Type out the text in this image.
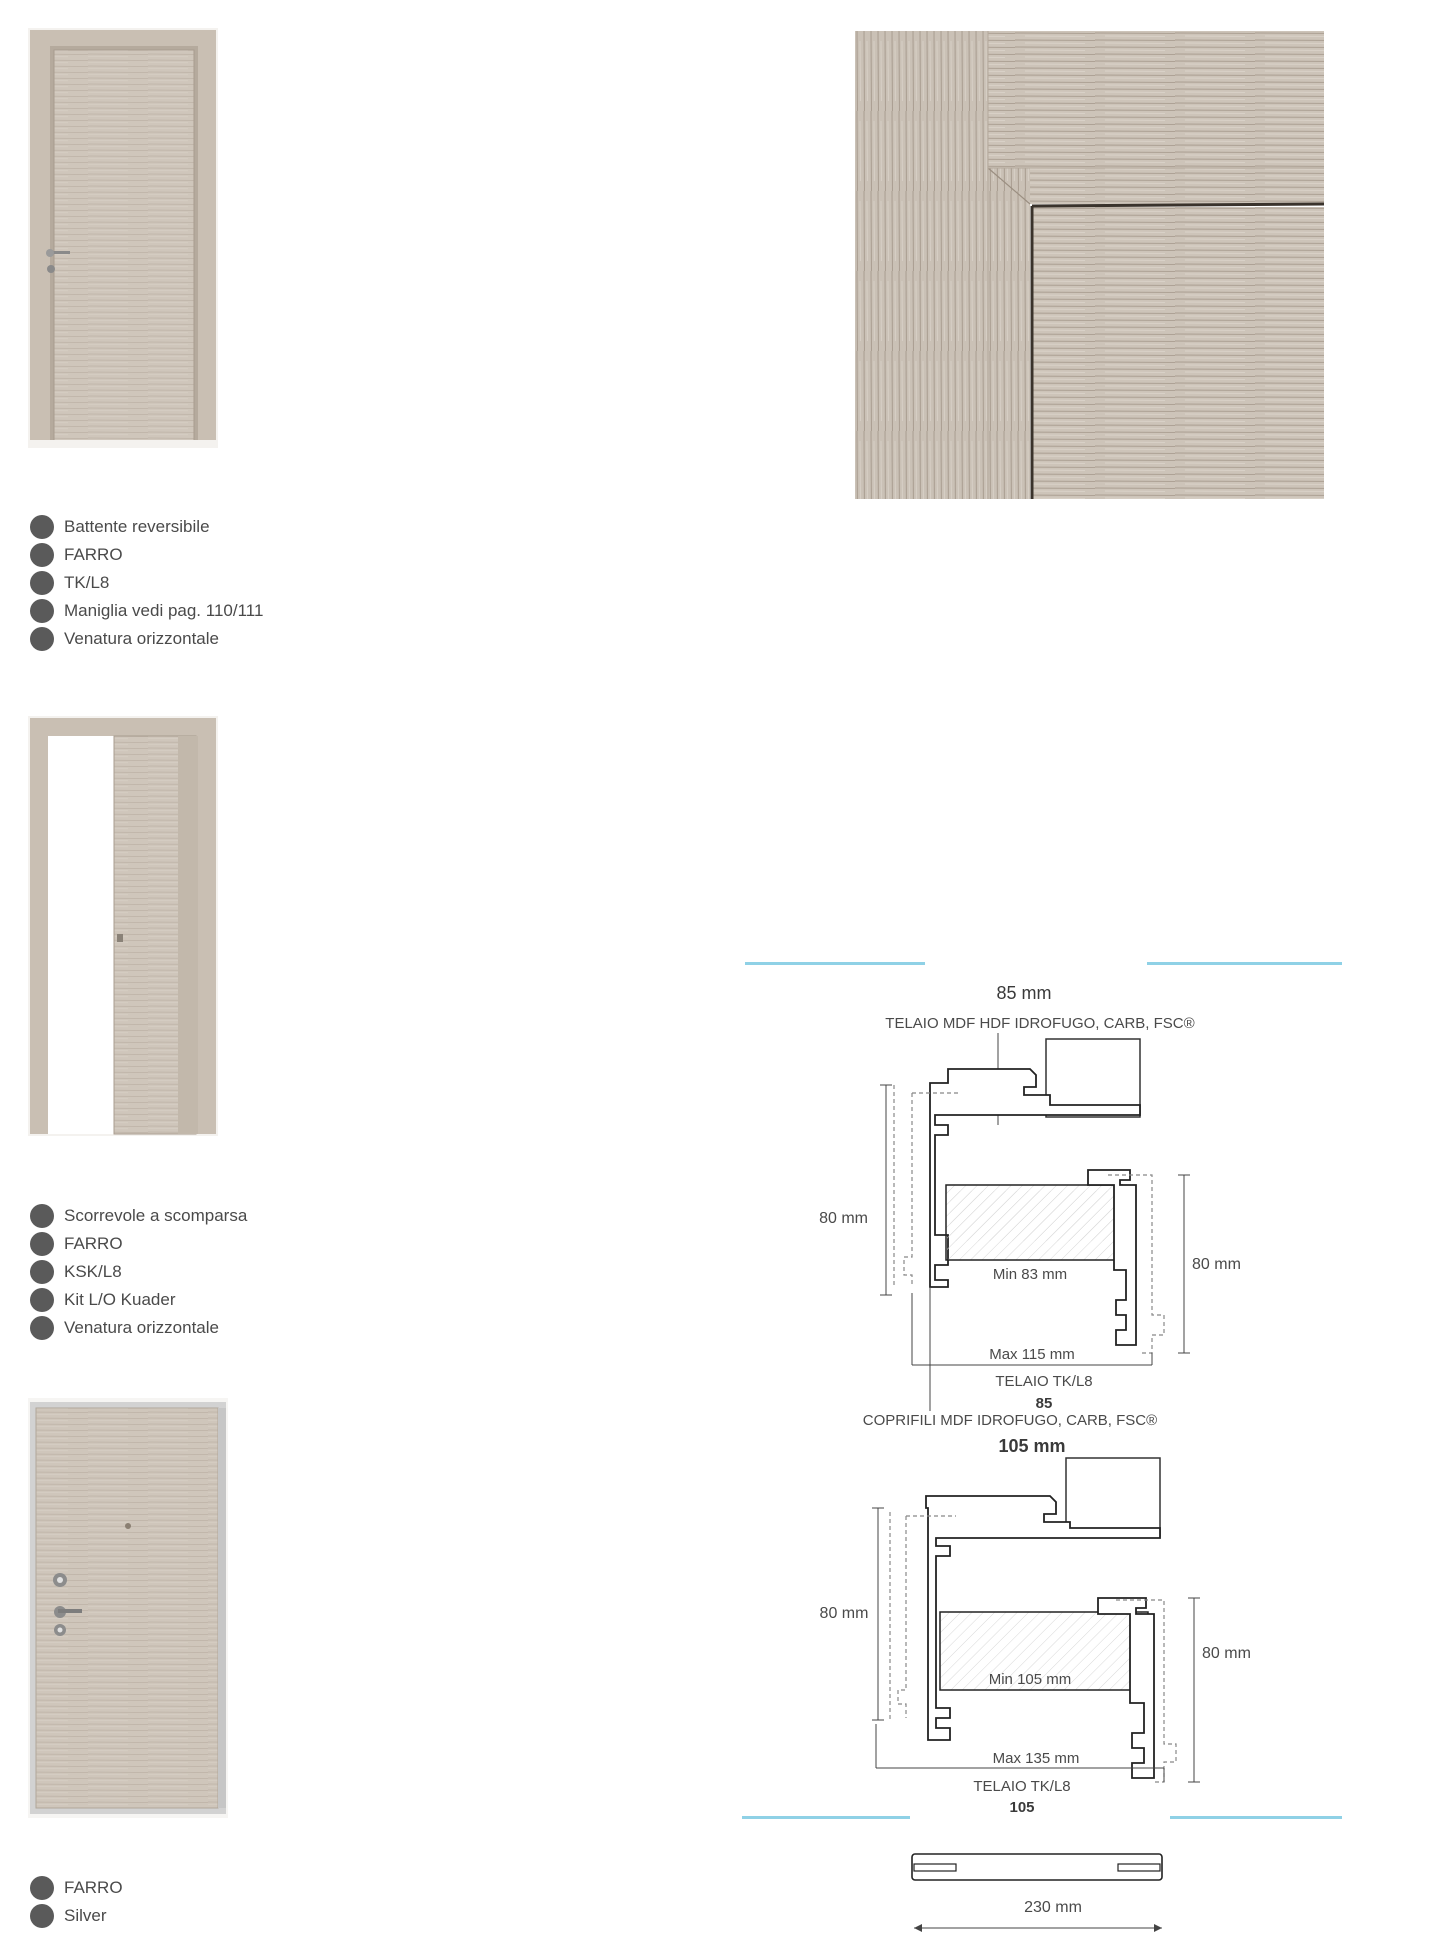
Battente reversibile
FARRO
TK/L8
Maniglia vedi pag. 110/111
Venatura orizzontale
Scorrevole a scomparsa
FARRO
KSK/L8
Kit L/O Kuader
Venatura orizzontale
FARRO
Silver
85 mm
TELAIO MDF HDF IDROFUGO, CARB, FSC®
80 mm
80 mm
Min 83 mm
Max 115 mm
TELAIO TK/L8
85
COPRIFILI MDF IDROFUGO, CARB, FSC®
105 mm
80 mm
80 mm
Min 105 mm
Max 135 mm
TELAIO TK/L8
105
230 mm
